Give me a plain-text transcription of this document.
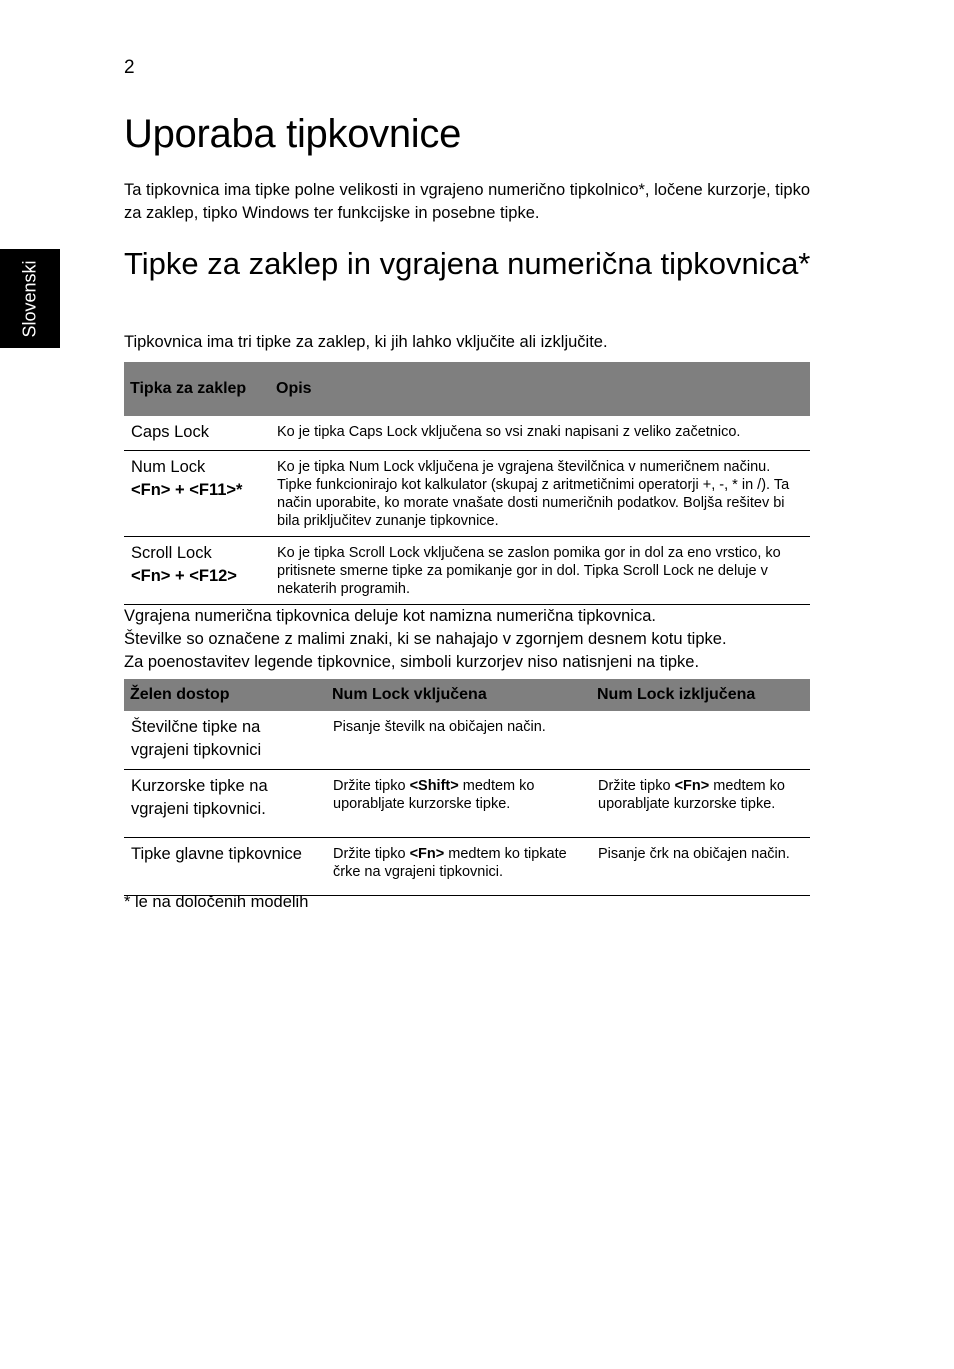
2
Slovenski
Uporaba tipkovnice

Ta tipkovnica ima tipke polne velikosti in vgrajeno numerično tipkolnico*, ločene kurzorje, tipko za zaklep, tipko Windows ter funkcijske in posebne tipke.

Tipke za zaklep in vgrajena numerična tipkovnica*

Tipkovnica ima tri tipke za zaklep, ki jih lahko vključite ali izključite.

Tipka za zaklep	Opis

Caps Lock	Ko je tipka Caps Lock vključena so vsi znaki napisani z veliko začetnico.

Num Lock
<Fn> + <F11>*	Ko je tipka Num Lock vključena je vgrajena številčnica v numeričnem načinu. Tipke funkcionirajo kot kalkulator (skupaj z aritmetičnimi operatorji +, -, * in /). Ta način uporabite, ko morate vnašate dosti numeričnih podatkov. Boljša rešitev bi bila priključitev zunanje tipkovnice.

Scroll Lock
<Fn> + <F12>	Ko je tipka Scroll Lock vključena se zaslon pomika gor in dol za eno vrstico, ko pritisnete smerne tipke za pomikanje gor in dol. Tipka Scroll Lock ne deluje v nekaterih programih.
Vgrajena numerična tipkovnica deluje kot namizna numerična tipkovnica.
Številke so označene z malimi znaki, ki se nahajajo v zgornjem desnem kotu tipke.
Za poenostavitev legende tipkovnice, simboli kurzorjev niso natisnjeni na tipke.
Želen dostop	Num Lock vključena	Num Lock izključena
Številčne tipke na vgrajeni tipkovnici	Pisanje številk na običajen način.	
Kurzorske tipke na vgrajeni tipkovnici.	Držite tipko <Shift> medtem ko uporabljate kurzorske tipke.	Držite tipko <Fn> medtem ko uporabljate kurzorske tipke.
Tipke glavne tipkovnice	Držite tipko <Fn> medtem ko tipkate črke na vgrajeni tipkovnici.	Pisanje črk na običajen način.

* le na določenih modelih
